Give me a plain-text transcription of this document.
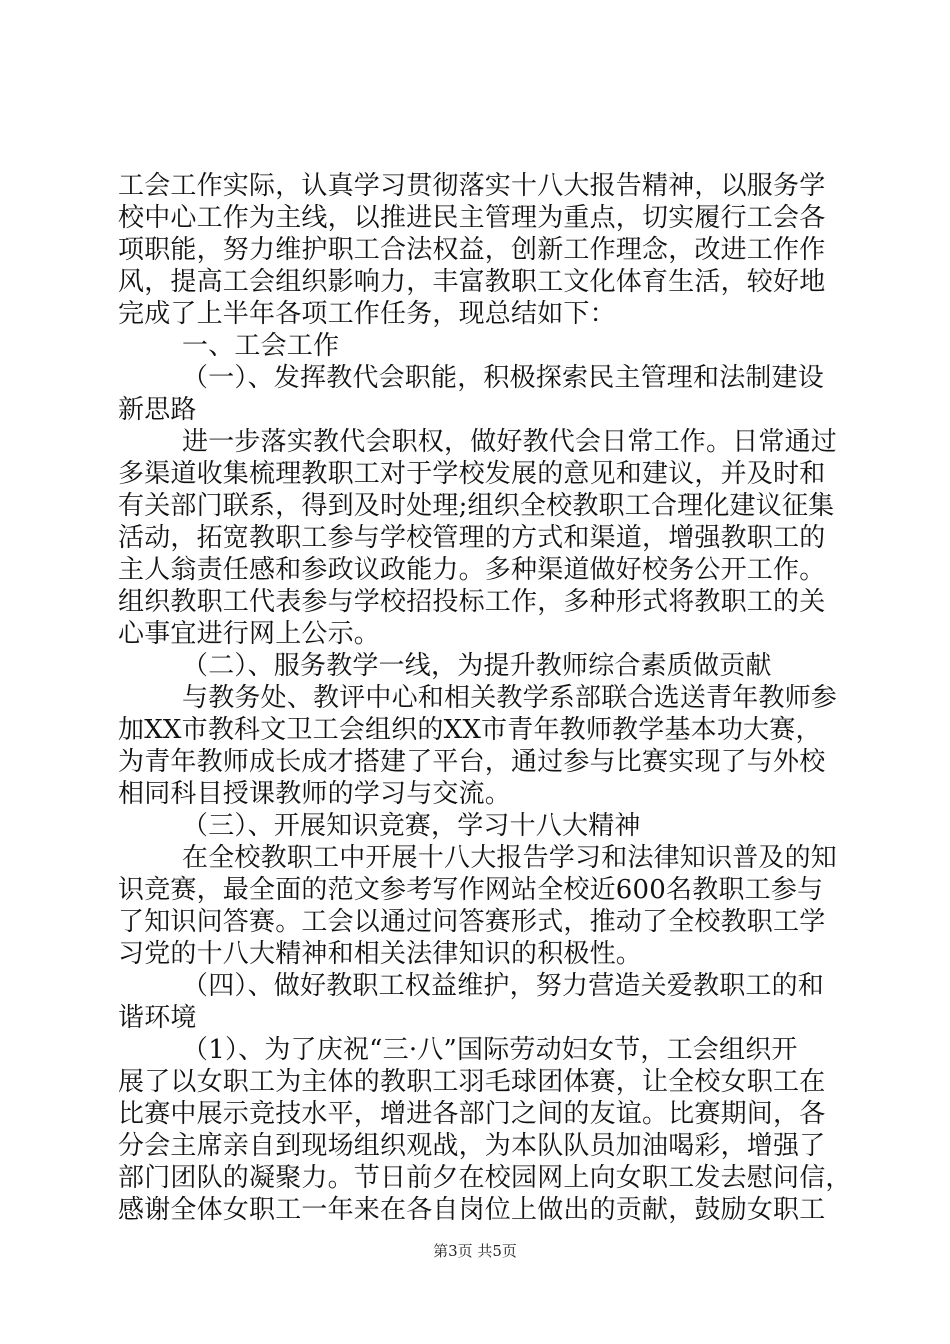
工会工作实际，认真学习贯彻落实十八大报告精神，以服务学
校中心工作为主线，以推进民主管理为重点，切实履行工会各
项职能，努力维护职工合法权益，创新工作理念，改进工作作
风，提高工会组织影响力，丰富教职工文化体育生活，较好地
完成了上半年各项工作任务，现总结如下：
一、工会工作
（一）、发挥教代会职能，积极探索民主管理和法制建设
新思路
进一步落实教代会职权，做好教代会日常工作。日常通过
多渠道收集梳理教职工对于学校发展的意见和建议，并及时和
有关部门联系，得到及时处理;组织全校教职工合理化建议征集
活动，拓宽教职工参与学校管理的方式和渠道，增强教职工的
主人翁责任感和参政议政能力。多种渠道做好校务公开工作。
组织教职工代表参与学校招投标工作，多种形式将教职工的关
心事宜进行网上公示。
（二）、服务教学一线，为提升教师综合素质做贡献
与教务处、教评中心和相关教学系部联合选送青年教师参
加XX市教科文卫工会组织的XX市青年教师教学基本功大赛，
为青年教师成长成才搭建了平台，通过参与比赛实现了与外校
相同科目授课教师的学习与交流。
（三）、开展知识竞赛，学习十八大精神
在全校教职工中开展十八大报告学习和法律知识普及的知
识竞赛，最全面的范文参考写作网站全校近600名教职工参与
了知识问答赛。工会以通过问答赛形式，推动了全校教职工学
习党的十八大精神和相关法律知识的积极性。
（四）、做好教职工权益维护，努力营造关爱教职工的和
谐环境
（1）、为了庆祝“三·八”国际劳动妇女节，工会组织开
展了以女职工为主体的教职工羽毛球团体赛，让全校女职工在
比赛中展示竞技水平，增进各部门之间的友谊。比赛期间，各
分会主席亲自到现场组织观战，为本队队员加油喝彩，增强了
部门团队的凝聚力。节日前夕在校园网上向女职工发去慰问信，
感谢全体女职工一年来在各自岗位上做出的贡献，鼓励女职工
第3页 共5页
